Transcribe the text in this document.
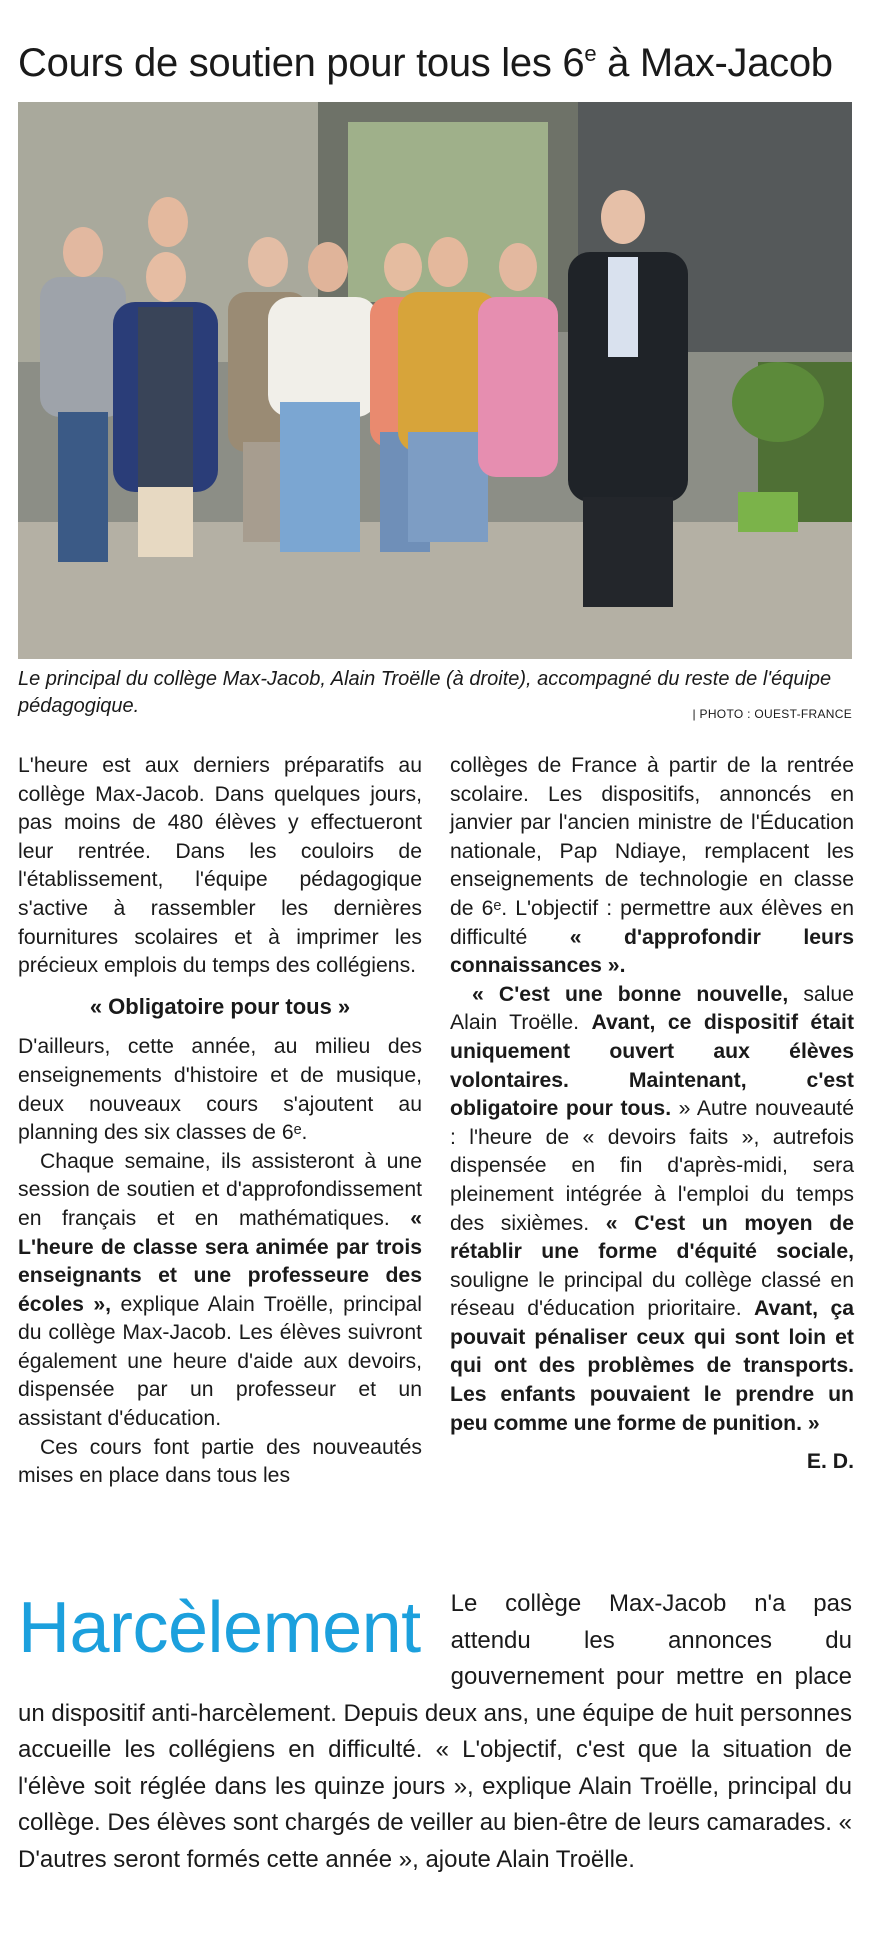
Cours de soutien pour tous les 6e à Max-Jacob
Le principal du collège Max-Jacob, Alain Troëlle (à droite), accompagné du reste de l'équipe pédagogique.	| PHOTO : OUEST-FRANCE

L'heure est aux derniers préparatifs au collège Max-Jacob. Dans quelques jours, pas moins de 480 élèves y effectueront leur rentrée. Dans les couloirs de l'établissement, l'équipe pédagogique s'active à rassembler les dernières fournitures scolaires et à imprimer les précieux emplois du temps des collégiens.

« Obligatoire pour tous »

D'ailleurs, cette année, au milieu des enseignements d'histoire et de musique, deux nouveaux cours s'ajoutent au planning des six classes de 6ᵉ.

Chaque semaine, ils assisteront à une session de soutien et d'approfondissement en français et en mathématiques. « L'heure de classe sera animée par trois enseignants et une professeure des écoles », explique Alain Troëlle, principal du collège Max-Jacob. Les élèves suivront également une heure d'aide aux devoirs, dispensée par un professeur et un assistant d'éducation.

Ces cours font partie des nouveautés mises en place dans tous les

collèges de France à partir de la rentrée scolaire. Les dispositifs, annoncés en janvier par l'ancien ministre de l'Éducation nationale, Pap Ndiaye, remplacent les enseignements de technologie en classe de 6ᵉ. L'objectif : permettre aux élèves en difficulté « d'approfondir leurs connaissances ».

« C'est une bonne nouvelle, salue Alain Troëlle. Avant, ce dispositif était uniquement ouvert aux élèves volontaires. Maintenant, c'est obligatoire pour tous. » Autre nouveauté : l'heure de « devoirs faits », autrefois dispensée en fin d'après-midi, sera pleinement intégrée à l'emploi du temps des sixièmes. « C'est un moyen de rétablir une forme d'équité sociale, souligne le principal du collège classé en réseau d'éducation prioritaire. Avant, ça pouvait pénaliser ceux qui sont loin et qui ont des problèmes de transports. Les enfants pouvaient le prendre un peu comme une forme de punition. »

E. D.

Harcèlement Le collège Max-Jacob n'a pas attendu les annonces du gouvernement pour mettre en place un dispositif anti-harcèlement. Depuis deux ans, une équipe de huit personnes accueille les collégiens en difficulté. « L'objectif, c'est que la situation de l'élève soit réglée dans les quinze jours », explique Alain Troëlle, principal du collège. Des élèves sont chargés de veiller au bien-être de leurs camarades. « D'autres seront formés cette année », ajoute Alain Troëlle.
